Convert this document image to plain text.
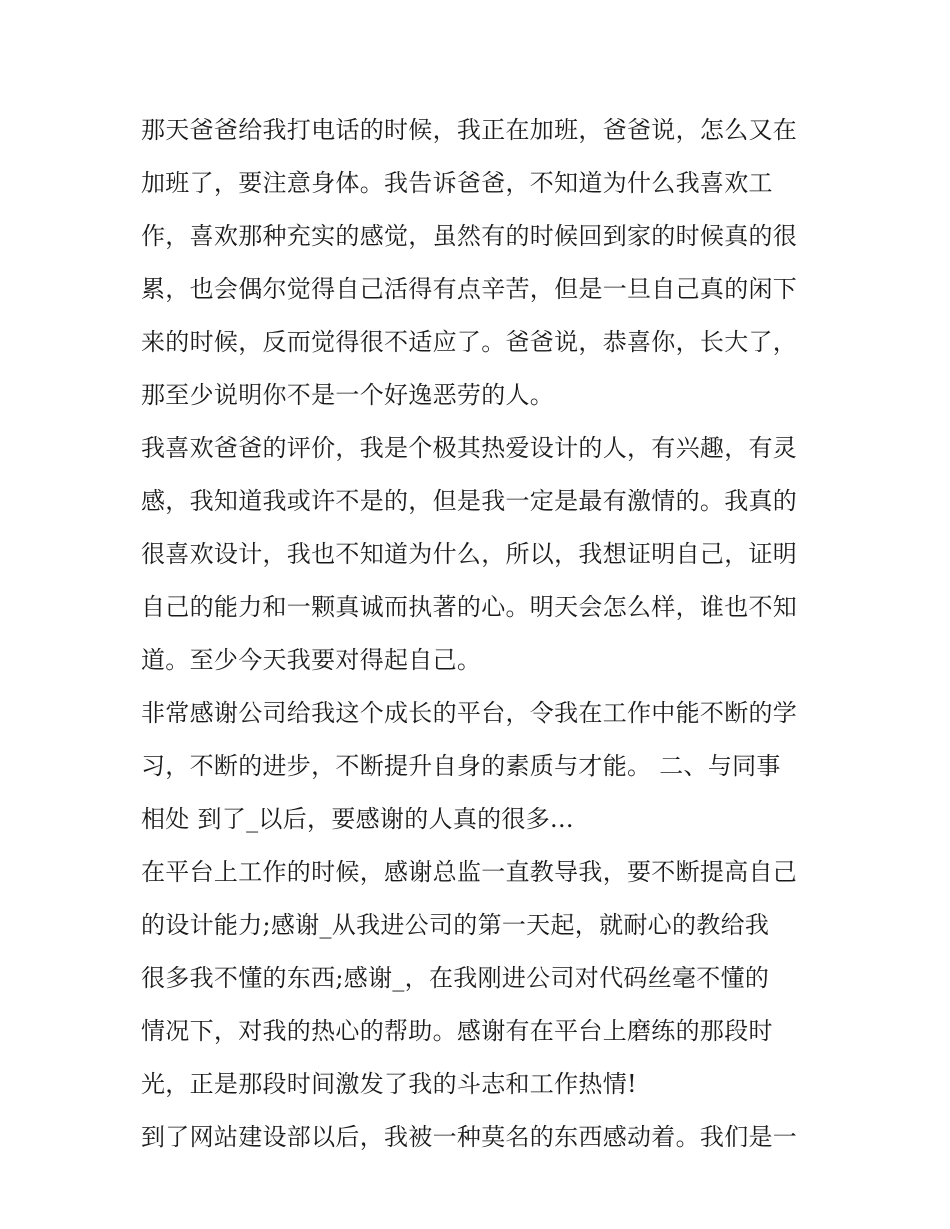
那天爸爸给我打电话的时候，我正在加班，爸爸说，怎么又在
加班了，要注意身体。我告诉爸爸，不知道为什么我喜欢工
作，喜欢那种充实的感觉，虽然有的时候回到家的时候真的很
累，也会偶尔觉得自己活得有点辛苦，但是一旦自己真的闲下
来的时候，反而觉得很不适应了。爸爸说，恭喜你，长大了，
那至少说明你不是一个好逸恶劳的人。
我喜欢爸爸的评价，我是个极其热爱设计的人，有兴趣，有灵
感，我知道我或许不是的，但是我一定是最有激情的。我真的
很喜欢设计，我也不知道为什么，所以，我想证明自己，证明
自己的能力和一颗真诚而执著的心。明天会怎么样，谁也不知
道。至少今天我要对得起自己。
非常感谢公司给我这个成长的平台，令我在工作中能不断的学
习，不断的进步，不断提升自身的素质与才能。 二、与同事
相处 到了_以后，要感谢的人真的很多...
在平台上工作的时候，感谢总监一直教导我，要不断提高自己
的设计能力;感谢_从我进公司的第一天起，就耐心的教给我
很多我不懂的东西;感谢_，在我刚进公司对代码丝毫不懂的
情况下，对我的热心的帮助。感谢有在平台上磨练的那段时
光，正是那段时间激发了我的斗志和工作热情!
到了网站建设部以后，我被一种莫名的东西感动着。我们是一
